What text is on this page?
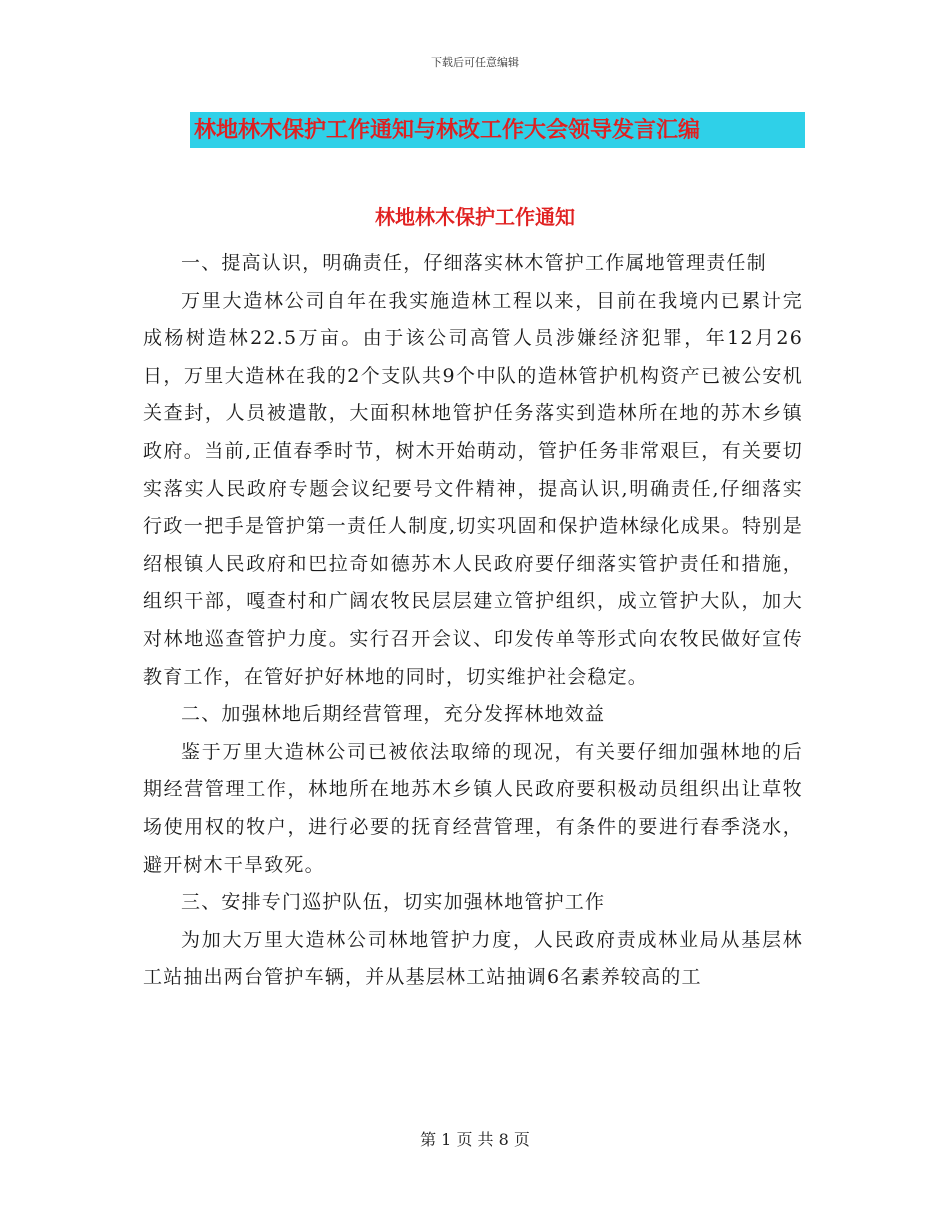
下载后可任意编辑
林地林木保护工作通知与林改工作大会领导发言汇编
林地林木保护工作通知

一、提高认识，明确责任，仔细落实林木管护工作属地管理责任制

万里大造林公司自年在我实施造林工程以来，目前在我境内已累计完成杨树造林22.5万亩。由于该公司高管人员涉嫌经济犯罪，年12月26日，万里大造林在我的2个支队共9个中队的造林管护机构资产已被公安机关查封，人员被遣散，大面积林地管护任务落实到造林所在地的苏木乡镇政府。当前,正值春季时节，树木开始萌动，管护任务非常艰巨，有关要切实落实人民政府专题会议纪要号文件精神，提高认识,明确责任,仔细落实行政一把手是管护第一责任人制度,切实巩固和保护造林绿化成果。特别是绍根镇人民政府和巴拉奇如德苏木人民政府要仔细落实管护责任和措施，组织干部，嘎查村和广阔农牧民层层建立管护组织，成立管护大队，加大对林地巡查管护力度。实行召开会议、印发传单等形式向农牧民做好宣传教育工作，在管好护好林地的同时，切实维护社会稳定。

二、加强林地后期经营管理，充分发挥林地效益

鉴于万里大造林公司已被依法取缔的现况，有关要仔细加强林地的后期经营管理工作，林地所在地苏木乡镇人民政府要积极动员组织出让草牧场使用权的牧户，进行必要的抚育经营管理，有条件的要进行春季浇水，避开树木干旱致死。

三、安排专门巡护队伍，切实加强林地管护工作

为加大万里大造林公司林地管护力度，人民政府责成林业局从基层林工站抽出两台管护车辆，并从基层林工站抽调6名素养较高的工

第 1 页 共 8 页
